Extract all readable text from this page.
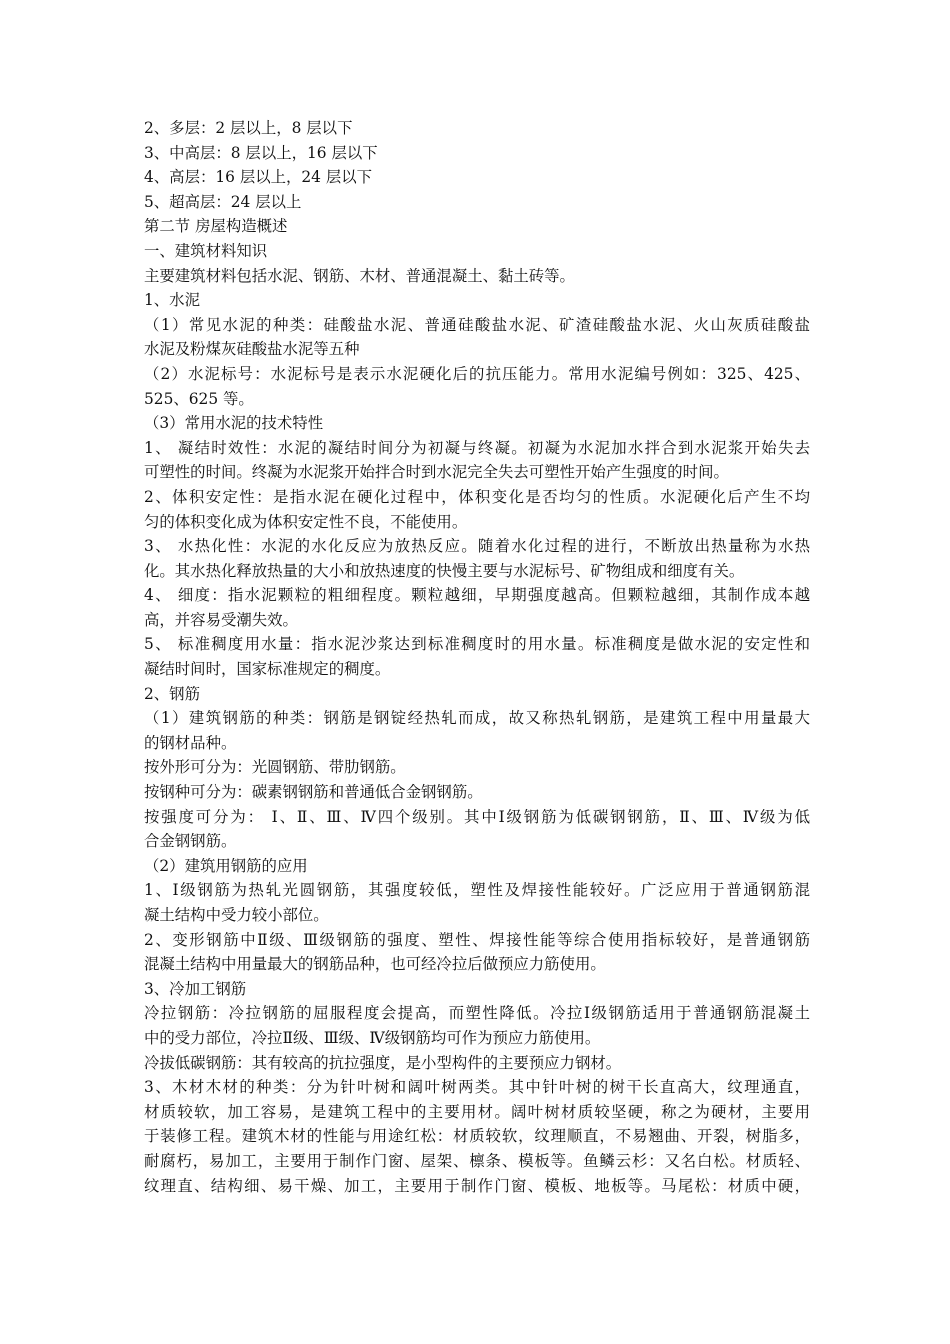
2、多层：2 层以上，8 层以下
3、中高层：8 层以上，16 层以下
4、高层：16 层以上，24 层以下
5、超高层：24 层以上
第二节 房屋构造概述
一、建筑材料知识
主要建筑材料包括水泥、钢筋、木材、普通混凝土、黏土砖等。
1、水泥
（1）常见水泥的种类：硅酸盐水泥、普通硅酸盐水泥、矿渣硅酸盐水泥、火山灰质硅酸盐
水泥及粉煤灰硅酸盐水泥等五种
（2）水泥标号：水泥标号是表示水泥硬化后的抗压能力。常用水泥编号例如：325、425、
525、625 等。
（3）常用水泥的技术特性
1、 凝结时效性：水泥的凝结时间分为初凝与终凝。初凝为水泥加水拌合到水泥浆开始失去
可塑性的时间。终凝为水泥浆开始拌合时到水泥完全失去可塑性开始产生强度的时间。
2、体积安定性：是指水泥在硬化过程中，体积变化是否均匀的性质。水泥硬化后产生不均
匀的体积变化成为体积安定性不良，不能使用。
3、 水热化性：水泥的水化反应为放热反应。随着水化过程的进行，不断放出热量称为水热
化。其水热化释放热量的大小和放热速度的快慢主要与水泥标号、矿物组成和细度有关。
4、 细度：指水泥颗粒的粗细程度。颗粒越细，早期强度越高。但颗粒越细，其制作成本越
高，并容易受潮失效。
5、 标准稠度用水量：指水泥沙浆达到标准稠度时的用水量。标准稠度是做水泥的安定性和
凝结时间时，国家标准规定的稠度。
2、钢筋
（1）建筑钢筋的种类：钢筋是钢锭经热轧而成，故又称热轧钢筋，是建筑工程中用量最大
的钢材品种。
按外形可分为：光圆钢筋、带肋钢筋。
按钢种可分为：碳素钢钢筋和普通低合金钢钢筋。
按强度可分为： Ⅰ、Ⅱ、Ⅲ、Ⅳ四个级别。其中Ⅰ级钢筋为低碳钢钢筋，Ⅱ、Ⅲ、Ⅳ级为低
合金钢钢筋。
（2）建筑用钢筋的应用
1、Ⅰ级钢筋为热轧光圆钢筋，其强度较低，塑性及焊接性能较好。广泛应用于普通钢筋混
凝土结构中受力较小部位。
2、变形钢筋中Ⅱ级、Ⅲ级钢筋的强度、塑性、焊接性能等综合使用指标较好，是普通钢筋
混凝土结构中用量最大的钢筋品种，也可经冷拉后做预应力筋使用。
3、冷加工钢筋
冷拉钢筋：冷拉钢筋的屈服程度会提高，而塑性降低。冷拉Ⅰ级钢筋适用于普通钢筋混凝土
中的受力部位，冷拉Ⅱ级、Ⅲ级、Ⅳ级钢筋均可作为预应力筋使用。
冷拔低碳钢筋：其有较高的抗拉强度，是小型构件的主要预应力钢材。
3、木材木材的种类：分为针叶树和阔叶树两类。其中针叶树的树干长直高大，纹理通直，
材质较软，加工容易，是建筑工程中的主要用材。阔叶树材质较坚硬，称之为硬材，主要用
于装修工程。建筑木材的性能与用途红松：材质较软，纹理顺直，不易翘曲、开裂，树脂多，
耐腐朽，易加工，主要用于制作门窗、屋架、檩条、模板等。鱼鳞云杉：又名白松。材质轻、
纹理直、结构细、易干燥、加工，主要用于制作门窗、模板、地板等。马尾松：材质中硬，
